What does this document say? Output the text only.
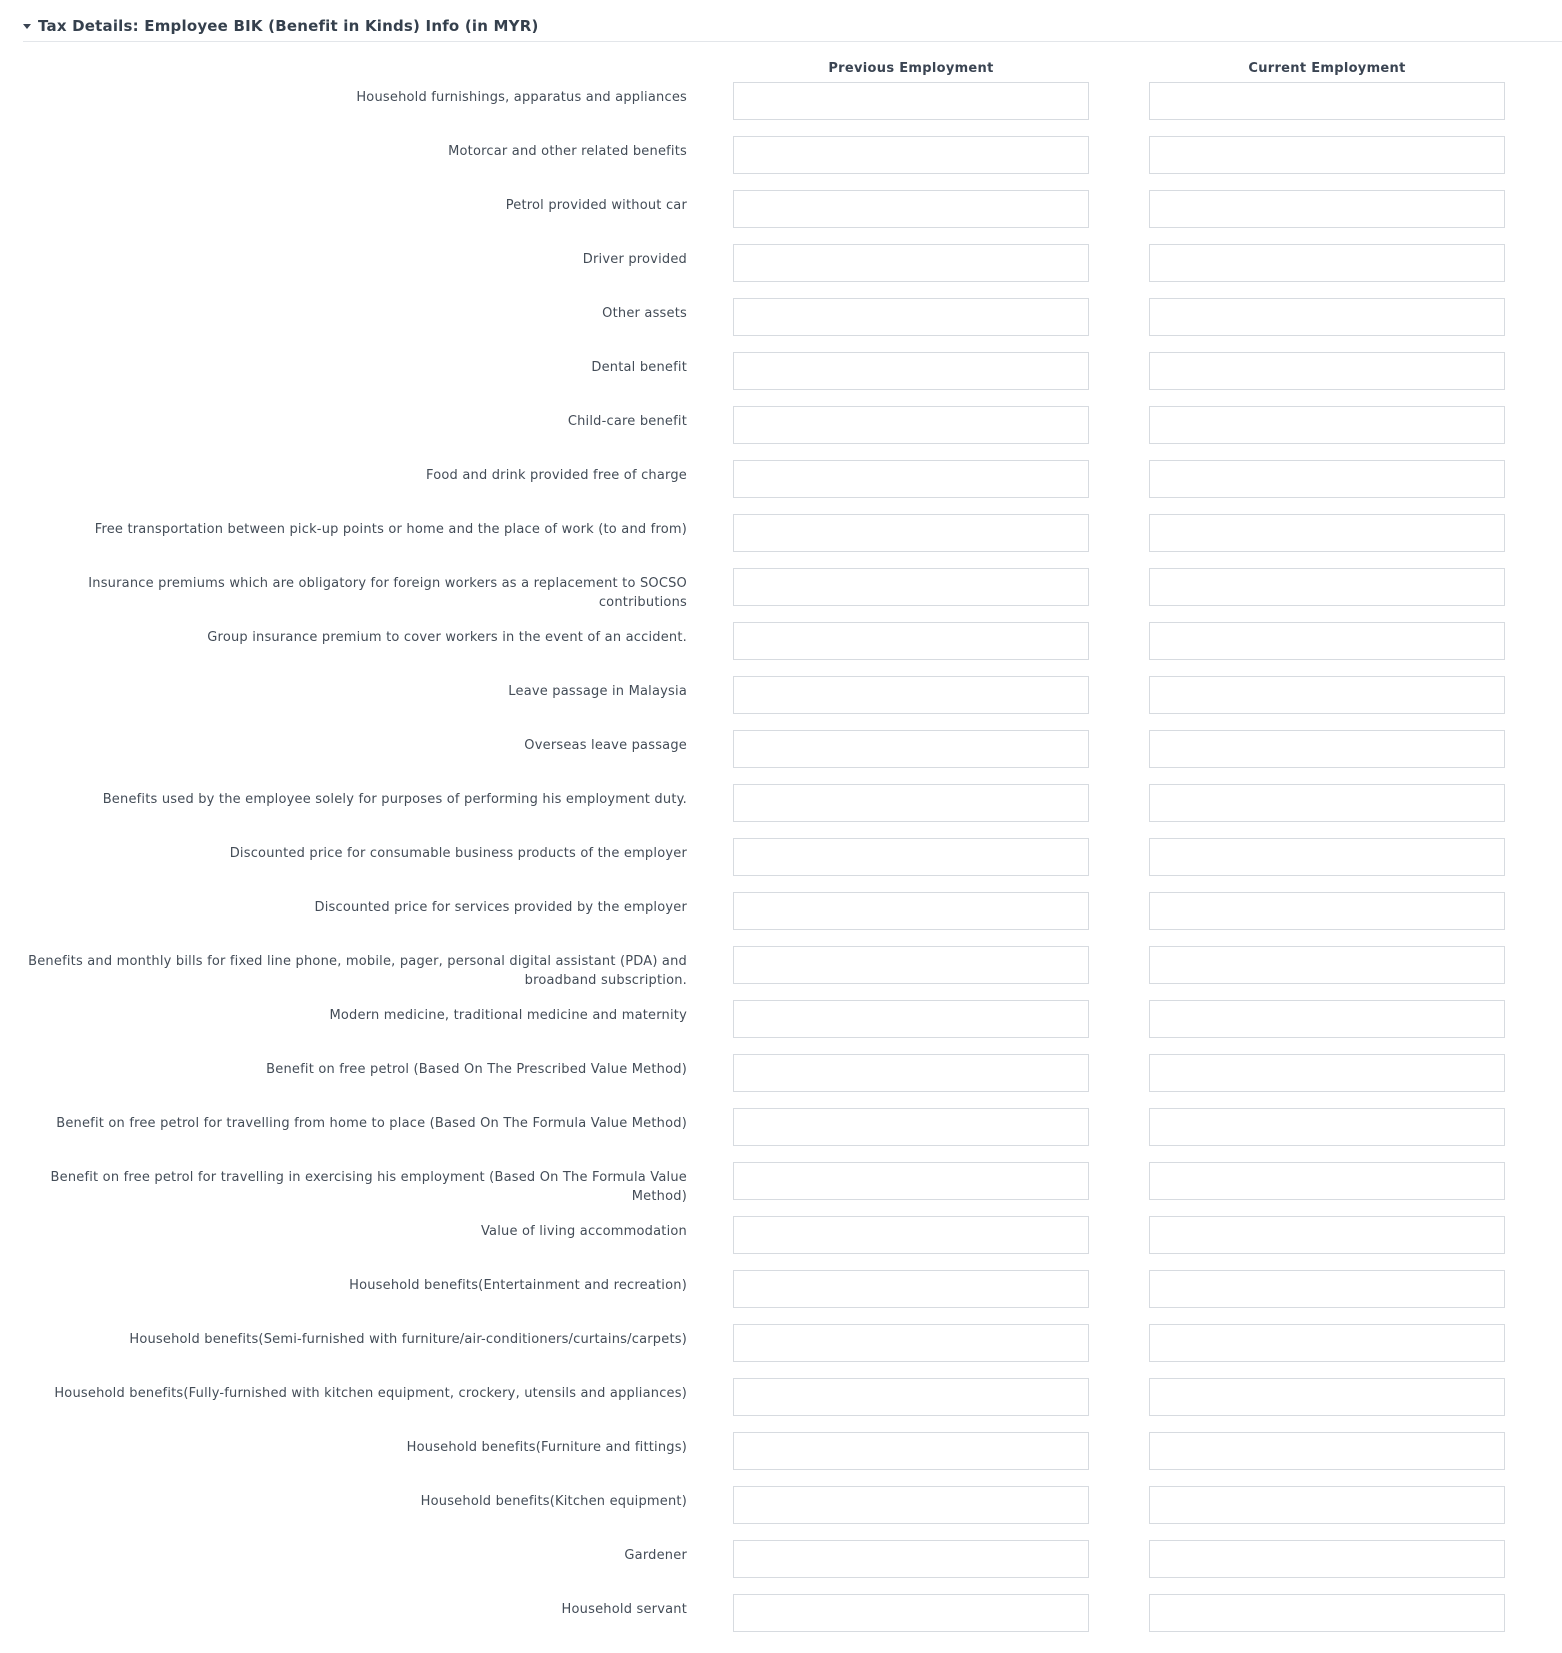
Tax Details: Employee BIK (Benefit in Kinds) Info (in MYR)
Previous Employment	Current Employment
Household furnishings, apparatus and appliances
Motorcar and other related benefits
Petrol provided without car
Driver provided
Other assets
Dental benefit
Child-care benefit
Food and drink provided free of charge
Free transportation between pick-up points or home and the place of work (to and from)
Insurance premiums which are obligatory for foreign workers as a replacement to SOCSO contributions
Group insurance premium to cover workers in the event of an accident.
Leave passage in Malaysia
Overseas leave passage
Benefits used by the employee solely for purposes of performing his employment duty.
Discounted price for consumable business products of the employer
Discounted price for services provided by the employer
Benefits and monthly bills for fixed line phone, mobile, pager, personal digital assistant (PDA) and broadband subscription.
Modern medicine, traditional medicine and maternity
Benefit on free petrol (Based On The Prescribed Value Method)
Benefit on free petrol for travelling from home to place (Based On The Formula Value Method)
Benefit on free petrol for travelling in exercising his employment (Based On The Formula Value Method)
Value of living accommodation
Household benefits(Entertainment and recreation)
Household benefits(Semi-furnished with furniture/air-conditioners/curtains/carpets)
Household benefits(Fully-furnished with kitchen equipment, crockery, utensils and appliances)
Household benefits(Furniture and fittings)
Household benefits(Kitchen equipment)
Gardener
Household servant
